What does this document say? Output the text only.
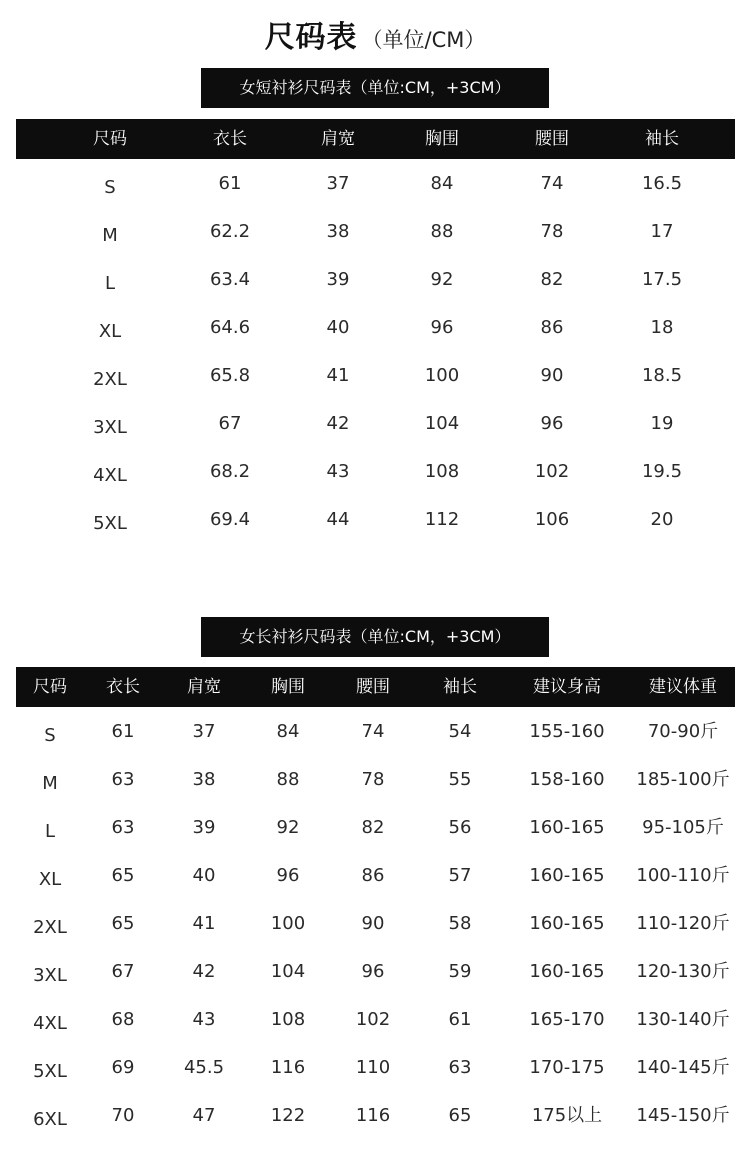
尺码表 （单位/CM）
女短衬衫尺码表（单位:CM，+3CM）
尺码	衣长	肩宽	胸围	腰围	袖长
S	61	37	84	74	16.5
M	62.2	38	88	78	17
L	63.4	39	92	82	17.5
XL	64.6	40	96	86	18
2XL	65.8	41	100	90	18.5
3XL	67	42	104	96	19
4XL	68.2	43	108	102	19.5
5XL	69.4	44	112	106	20
女长衬衫尺码表（单位:CM，+3CM）
尺码 衣长	肩宽	胸围	腰围	袖长	建议身高	建议体重
S	61	37	84	74	54	155-160 70-90斤
M	63	38	88	78	55	158-160 185-100斤
L	63	39	92	82	56	160-165 95-105斤
XL	65	40	96	86	57	160-165 100-110斤
2XL 65	41	100	90	58	160-165 110-120斤
3XL 67	42	104	96	59	160-165 120-130斤
4XL 68	43	108	102	61	165-170 130-140斤
5XL 69	45.5	116	110	63	170-175 140-145斤
6XL 70	47	122	116	65	175以上 145-150斤
